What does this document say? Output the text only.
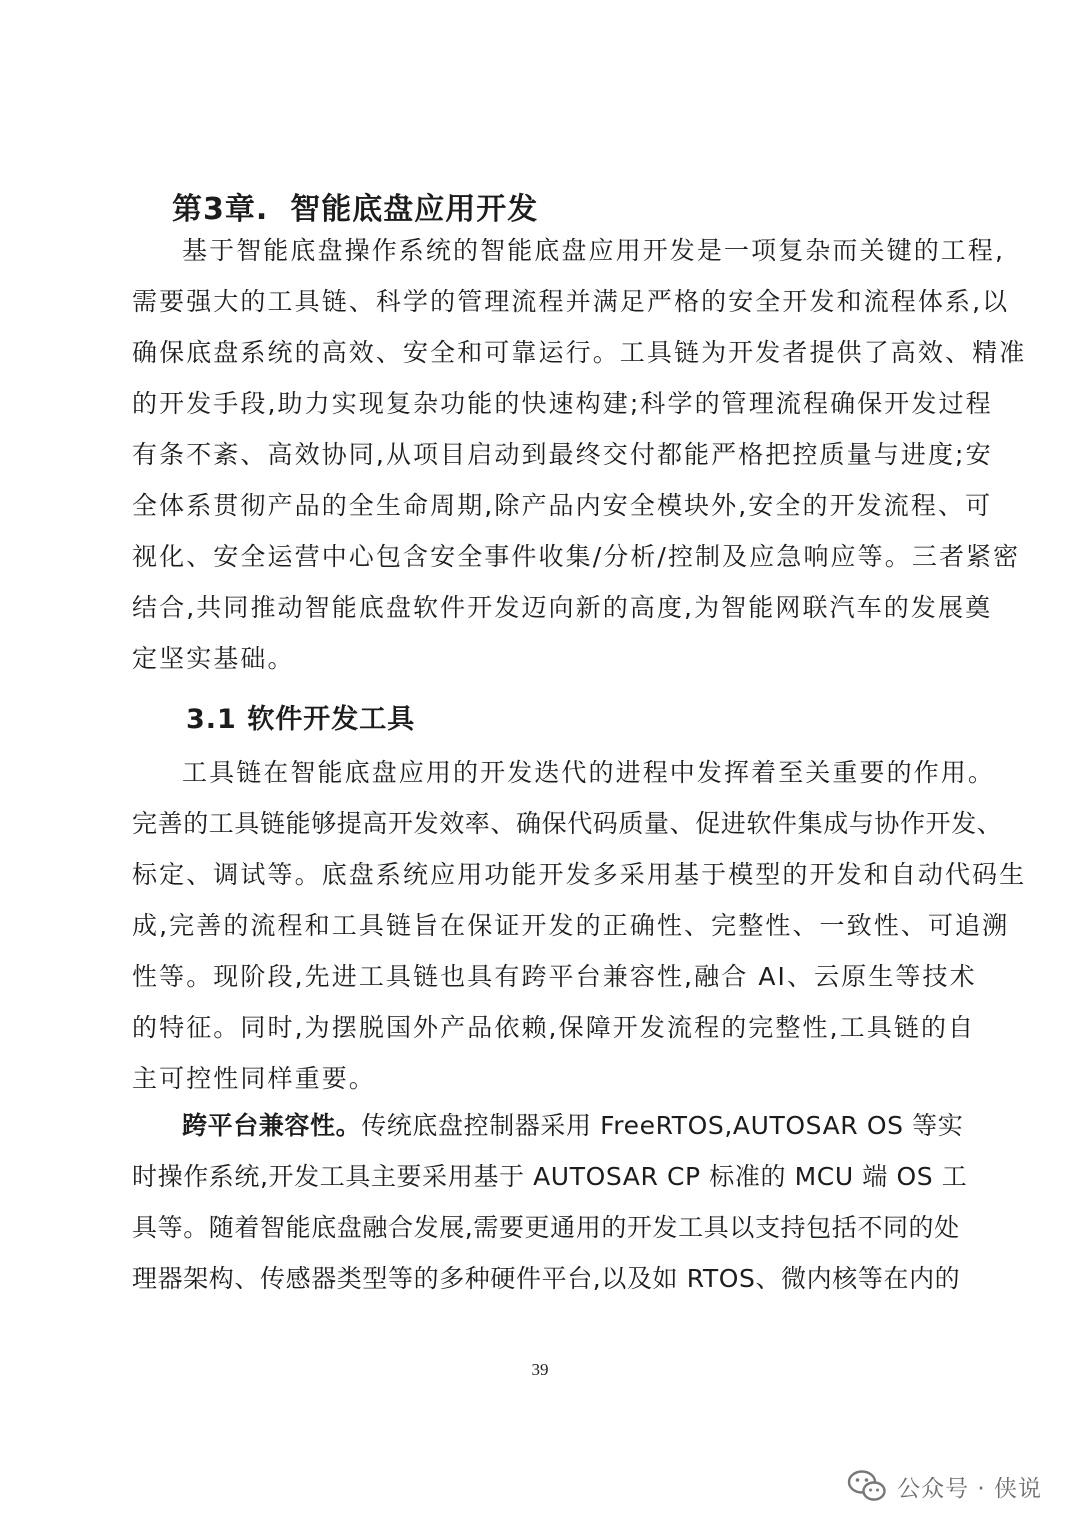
第3章. 智能底盘应用开发
基于智能底盘操作系统的智能底盘应用开发是一项复杂而关键的工程,
需要强大的工具链、科学的管理流程并满足严格的安全开发和流程体系,以
确保底盘系统的高效、安全和可靠运行。工具链为开发者提供了高效、精准
的开发手段,助力实现复杂功能的快速构建;科学的管理流程确保开发过程
有条不紊、高效协同,从项目启动到最终交付都能严格把控质量与进度;安
全体系贯彻产品的全生命周期,除产品内安全模块外,安全的开发流程、可
视化、安全运营中心包含安全事件收集/分析/控制及应急响应等。三者紧密
结合,共同推动智能底盘软件开发迈向新的高度,为智能网联汽车的发展奠
定坚实基础。
3.1 软件开发工具
工具链在智能底盘应用的开发迭代的进程中发挥着至关重要的作用。
完善的工具链能够提高开发效率、确保代码质量、促进软件集成与协作开发、
标定、调试等。底盘系统应用功能开发多采用基于模型的开发和自动代码生
成,完善的流程和工具链旨在保证开发的正确性、完整性、一致性、可追溯
性等。现阶段,先进工具链也具有跨平台兼容性,融合 AI、云原生等技术
的特征。同时,为摆脱国外产品依赖,保障开发流程的完整性,工具链的自
主可控性同样重要。
跨平台兼容性。传统底盘控制器采用 FreeRTOS,AUTOSAR OS 等实
时操作系统,开发工具主要采用基于 AUTOSAR CP 标准的 MCU 端 OS 工
具等。随着智能底盘融合发展,需要更通用的开发工具以支持包括不同的处
理器架构、传感器类型等的多种硬件平台,以及如 RTOS、微内核等在内的

39

公众号 · 侠说
